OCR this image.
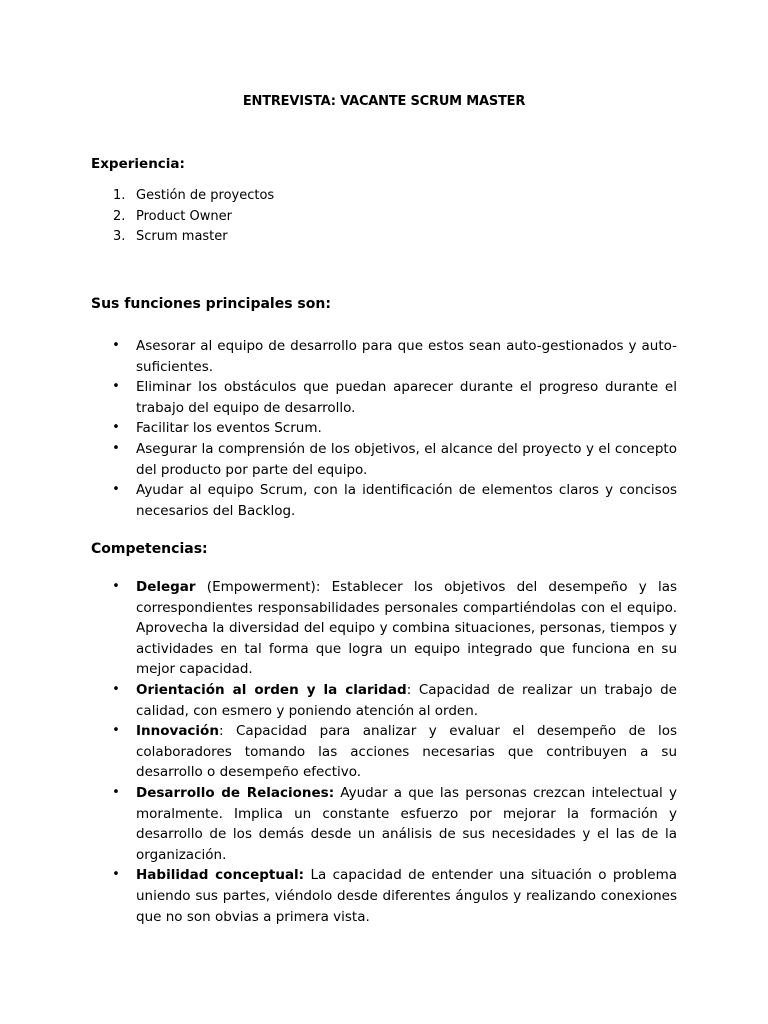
ENTREVISTA: VACANTE SCRUM MASTER
Experiencia:
1. Gestión de proyectos
2. Product Owner
3. Scrum master
Sus funciones principales son:
• Asesorar al equipo de desarrollo para que estos sean auto-gestionados y auto-suficientes.
• Eliminar los obstáculos que puedan aparecer durante el progreso durante el trabajo del equipo de desarrollo.
• Facilitar los eventos Scrum.
• Asegurar la comprensión de los objetivos, el alcance del proyecto y el concepto del producto por parte del equipo.
• Ayudar al equipo Scrum, con la identificación de elementos claros y concisos necesarios del Backlog.
Competencias:
• Delegar (Empowerment): Establecer los objetivos del desempeño y las correspondientes responsabilidades personales compartiéndolas con el equipo. Aprovecha la diversidad del equipo y combina situaciones, personas, tiempos y actividades en tal forma que logra un equipo integrado que funciona en su mejor capacidad.
• Orientación al orden y la claridad: Capacidad de realizar un trabajo de calidad, con esmero y poniendo atención al orden.
• Innovación: Capacidad para analizar y evaluar el desempeño de los colaboradores tomando las acciones necesarias que contribuyen a su desarrollo o desempeño efectivo.
• Desarrollo de Relaciones: Ayudar a que las personas crezcan intelectual y moralmente. Implica un constante esfuerzo por mejorar la formación y desarrollo de los demás desde un análisis de sus necesidades y el las de la organización.
• Habilidad conceptual: La capacidad de entender una situación o problema uniendo sus partes, viéndolo desde diferentes ángulos y realizando conexiones que no son obvias a primera vista.
